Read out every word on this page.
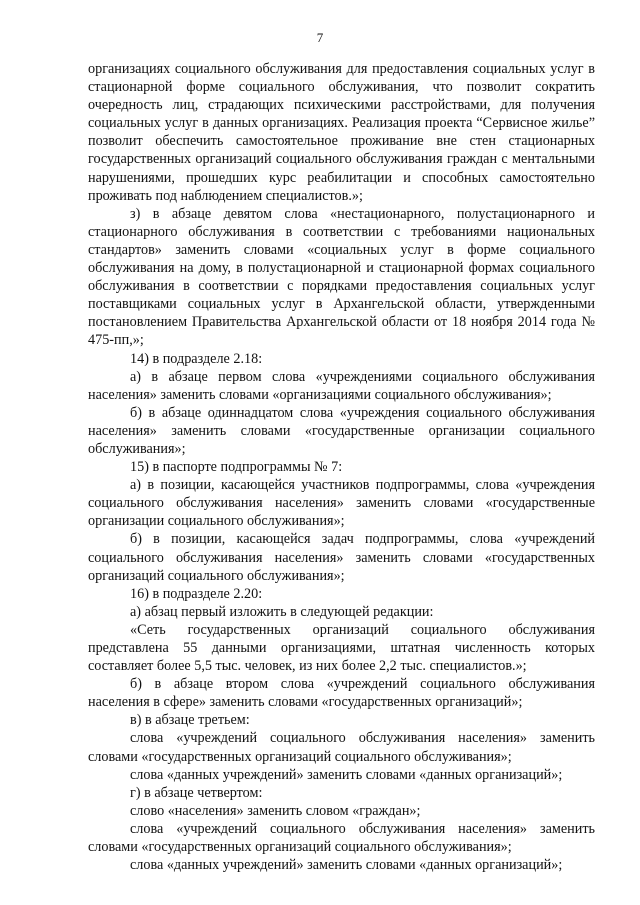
7

организациях социального обслуживания для предоставления социальных услуг в стационарной форме социального обслуживания, что позволит сократить очередность лиц, страдающих психическими расстройствами, для получения социальных услуг в данных организациях. Реализация проекта “Сервисное жилье” позволит обеспечить самостоятельное проживание вне стен стационарных государственных организаций социального обслуживания граждан с ментальными нарушениями, прошедших курс реабилитации и способных самостоятельно проживать под наблюдением специалистов.»;

з) в абзаце девятом слова «нестационарного, полустационарного и стационарного обслуживания в соответствии с требованиями национальных стандартов» заменить словами «социальных услуг в форме социального обслуживания на дому, в полустационарной и стационарной формах социального обслуживания в соответствии с порядками предоставления социальных услуг поставщиками социальных услуг в Архангельской области, утвержденными постановлением Правительства Архангельской области от 18 ноября 2014 года № 475-пп,»;

14) в подразделе 2.18:

а) в абзаце первом слова «учреждениями социального обслуживания населения» заменить словами «организациями социального обслуживания»;

б) в абзаце одиннадцатом слова «учреждения социального обслуживания населения» заменить словами «государственные организации социального обслуживания»;

15) в паспорте подпрограммы № 7:

а) в позиции, касающейся участников подпрограммы, слова «учреждения социального обслуживания населения» заменить словами «государственные организации социального обслуживания»;

б) в позиции, касающейся задач подпрограммы, слова «учреждений социального обслуживания населения» заменить словами «государственных организаций социального обслуживания»;

16) в подразделе 2.20:

а) абзац первый изложить в следующей редакции:

«Сеть государственных организаций социального обслуживания представлена 55 данными организациями, штатная численность которых составляет более 5,5 тыс. человек, из них более 2,2 тыс. специалистов.»;

б) в абзаце втором слова «учреждений социального обслуживания населения в сфере» заменить словами «государственных организаций»;

в) в абзаце третьем:

слова «учреждений социального обслуживания населения» заменить словами «государственных организаций социального обслуживания»;

слова «данных учреждений» заменить словами «данных организаций»;

г) в абзаце четвертом:

слово «населения» заменить словом «граждан»;

слова «учреждений социального обслуживания населения» заменить словами «государственных организаций социального обслуживания»;

слова «данных учреждений» заменить словами «данных организаций»;
